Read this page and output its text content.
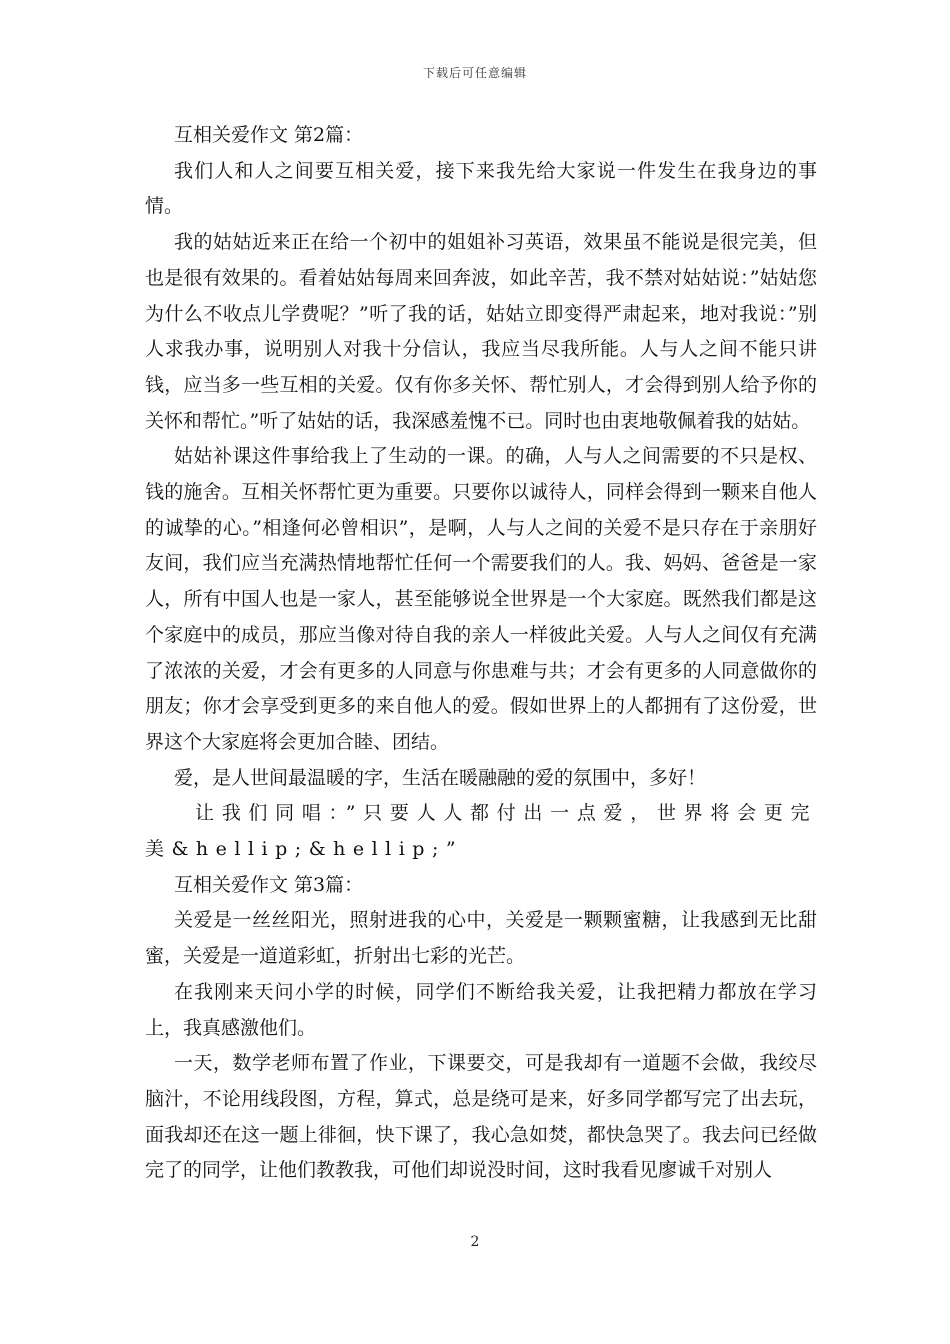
下载后可任意编辑

互相关爱作文 第2篇：

我们人和人之间要互相关爱，接下来我先给大家说一件发生在我身边的事情。

我的姑姑近来正在给一个初中的姐姐补习英语，效果虽不能说是很完美，但也是很有效果的。看着姑姑每周来回奔波，如此辛苦，我不禁对姑姑说：”姑姑您为什么不收点儿学费呢？”听了我的话，姑姑立即变得严肃起来，地对我说：”别人求我办事，说明别人对我十分信认，我应当尽我所能。人与人之间不能只讲钱，应当多一些互相的关爱。仅有你多关怀、帮忙别人，才会得到别人给予你的关怀和帮忙。”听了姑姑的话，我深感羞愧不已。同时也由衷地敬佩着我的姑姑。

姑姑补课这件事给我上了生动的一课。的确，人与人之间需要的不只是权、钱的施舍。互相关怀帮忙更为重要。只要你以诚待人，同样会得到一颗来自他人的诚挚的心。”相逢何必曾相识”，是啊，人与人之间的关爱不是只存在于亲朋好友间，我们应当充满热情地帮忙任何一个需要我们的人。我、妈妈、爸爸是一家人，所有中国人也是一家人，甚至能够说全世界是一个大家庭。既然我们都是这个家庭中的成员，那应当像对待自我的亲人一样彼此关爱。人与人之间仅有充满了浓浓的关爱，才会有更多的人同意与你患难与共；才会有更多的人同意做你的朋友；你才会享受到更多的来自他人的爱。假如世界上的人都拥有了这份爱，世界这个大家庭将会更加合睦、团结。

爱，是人世间最温暖的字，生活在暖融融的爱的氛围中，多好！

让我们同唱：”只要人人都付出一点爱，世界将会更完美&hellip;&hellip;”

互相关爱作文 第3篇：

关爱是一丝丝阳光，照射进我的心中，关爱是一颗颗蜜糖，让我感到无比甜蜜，关爱是一道道彩虹，折射出七彩的光芒。

在我刚来天问小学的时候，同学们不断给我关爱，让我把精力都放在学习上，我真感激他们。

一天，数学老师布置了作业，下课要交，可是我却有一道题不会做，我绞尽脑汁，不论用线段图，方程，算式，总是绕可是来，好多同学都写完了出去玩，面我却还在这一题上徘徊，快下课了，我心急如焚，都快急哭了。我去问已经做完了的同学，让他们教教我，可他们却说没时间，这时我看见廖诚千对别人

2
